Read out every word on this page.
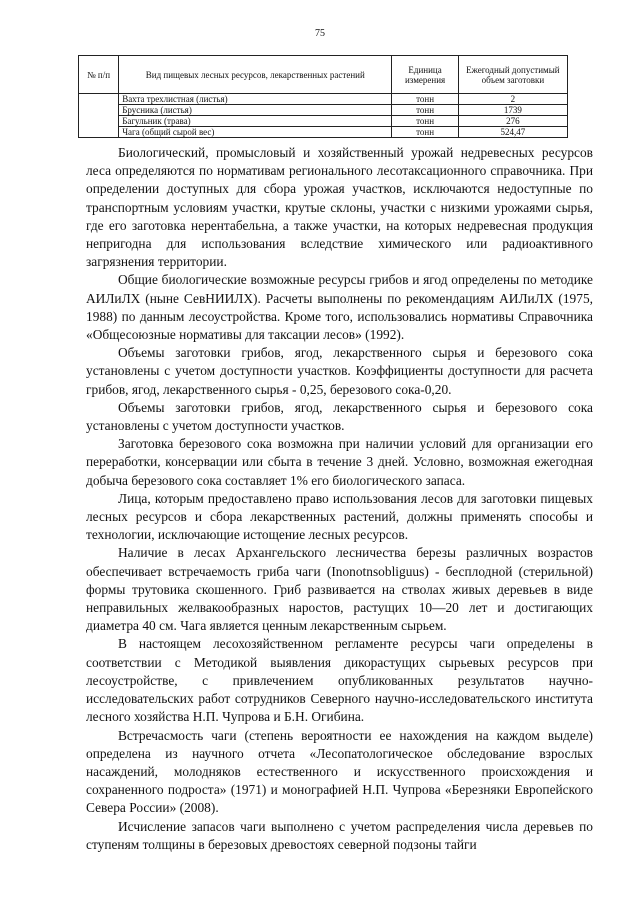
75
№ п/п	Вид пищевых лесных ресурсов, лекарственных растений	Единица измерения	Ежегодный допустимый объем заготовки
	Вахта трехлистная (листья)	тонн	2
	Брусника (листья)	тонн	1739
	Багульник (трава)	тонн	276
	Чага (общий сырой вес)	тонн	524,47

Биологический, промысловый и хозяйственный урожай недревесных ресурсов леса определяются по нормативам регионального лесотаксационного справочника. При определении доступных для сбора урожая участков, исключаются недоступные по транспортным условиям участки, крутые склоны, участки с низкими урожаями сырья, где его заготовка нерентабельна, а также участки, на которых недревесная продукция непригодна для использования вследствие химического или радиоактивного загрязнения территории.

Общие биологические возможные ресурсы грибов и ягод определены по методике АИЛиЛХ (ныне СевНИИЛХ). Расчеты выполнены по рекомендациям АИЛиЛХ (1975, 1988) по данным лесоустройства. Кроме того, использовались нормативы Справочника «Общесоюзные нормативы для таксации лесов» (1992).

Объемы заготовки грибов, ягод, лекарственного сырья и березового сока установлены с учетом доступности участков. Коэффициенты доступности для расчета грибов, ягод, лекарственного сырья - 0,25, березового сока-0,20.

Объемы заготовки грибов, ягод, лекарственного сырья и березового сока установлены с учетом доступности участков.

Заготовка березового сока возможна при наличии условий для организации его переработки, консервации или сбыта в течение 3 дней. Условно, возможная ежегодная добыча березового сока составляет 1% его биологического запаса.

Лица, которым предоставлено право использования лесов для заготовки пищевых лесных ресурсов и сбора лекарственных растений, должны применять способы и технологии, исключающие истощение лесных ресурсов.

Наличие в лесах Архангельского лесничества березы различных возрастов обеспечивает встречаемость гриба чаги (Inonotnsobliguus) - бесплодной (стерильной) формы трутовика скошенного. Гриб развивается на стволах живых деревьев в виде неправильных желвакообразных наростов, растущих 10—20 лет и достигающих диаметра 40 см. Чага является ценным лекарственным сырьем.

В настоящем лесохозяйственном регламенте ресурсы чаги определены в соответствии с Методикой выявления дикорастущих сырьевых ресурсов при лесоустройстве, с привлечением опубликованных результатов научно-исследовательских работ сотрудников Северного научно-исследовательского института лесного хозяйства Н.П. Чупрова и Б.Н. Огибина.

Встречасмость чаги (степень вероятности ее нахождения на каждом выделе) определена из научного отчета «Лесопатологическое обследование взрослых насаждений, молодняков естественного и искусственного происхождения и сохраненного подроста» (1971) и монографией Н.П. Чупрова «Березняки Европейского Севера России» (2008).

Исчисление запасов чаги выполнено с учетом распределения числа деревьев по ступеням толщины в березовых древостоях северной подзоны тайги
